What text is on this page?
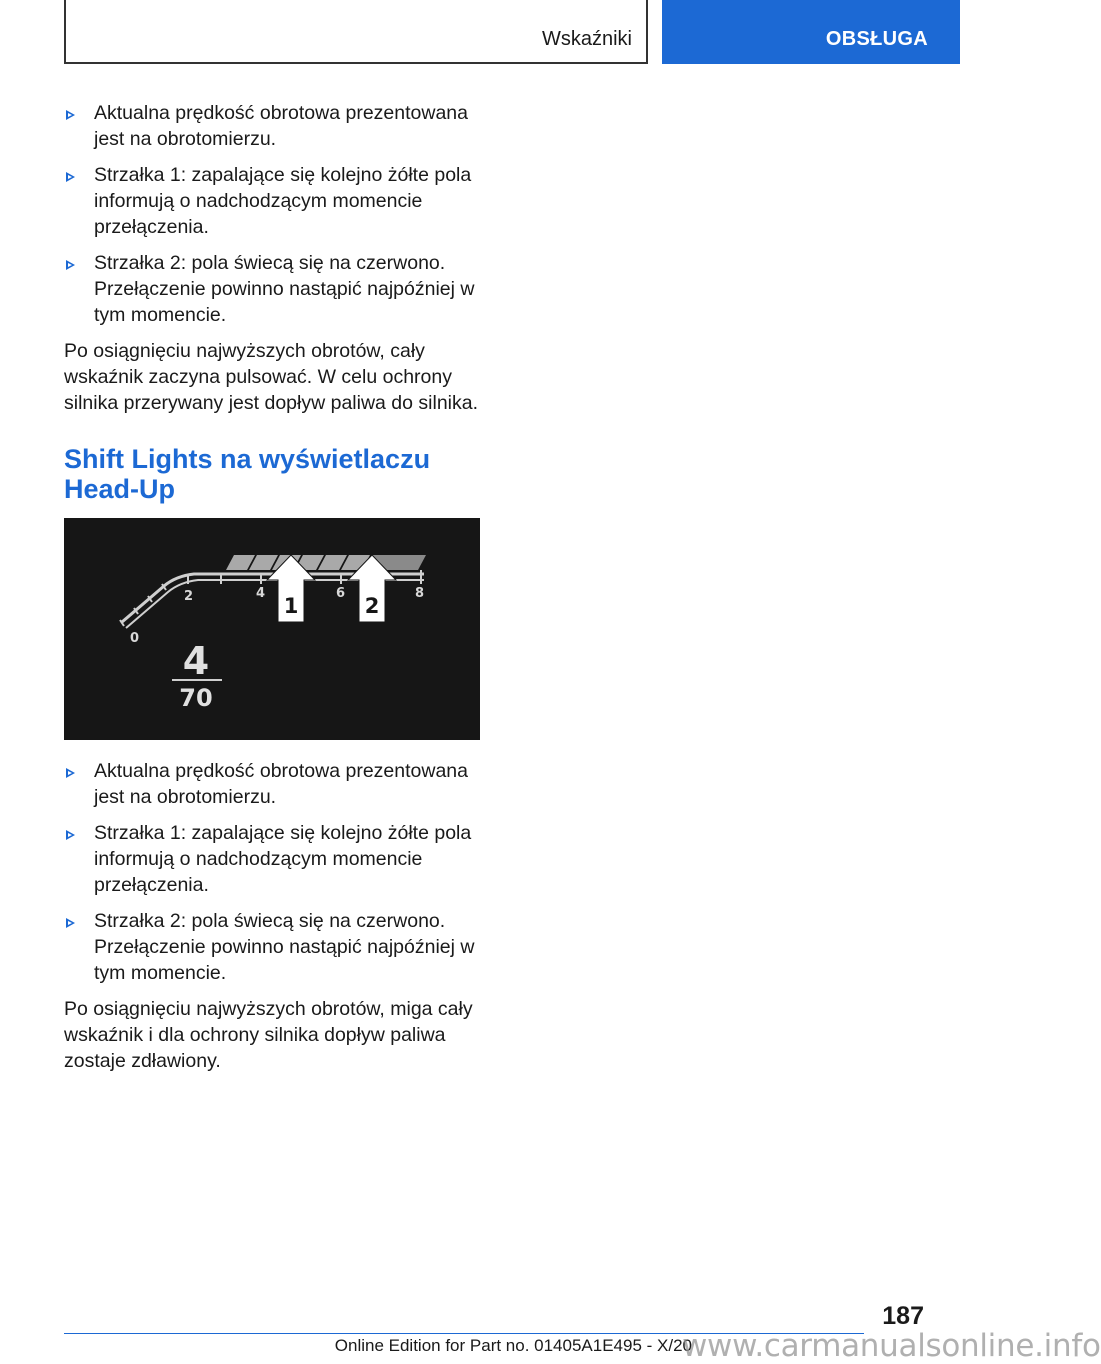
Wskaźniki	OBSŁUGA
Aktualna prędkość obrotowa prezentowana jest na obrotomierzu.
Strzałka 1: zapalające się kolejno żółte pola informują o nadchodzącym momencie przełączenia.
Strzałka 2: pola świecą się na czerwono. Przełączenie powinno nastąpić najpóźniej w tym momencie.

Po osiągnięciu najwyższych obrotów, cały wskaźnik zaczyna pulsować. W celu ochrony silnika przerywany jest dopływ paliwa do silnika.

Shift Lights na wyświetlaczu Head-Up
0
2	4	6	8
1	2
4
70
Aktualna prędkość obrotowa prezentowana jest na obrotomierzu.
Strzałka 1: zapalające się kolejno żółte pola informują o nadchodzącym momencie przełączenia.
Strzałka 2: pola świecą się na czerwono. Przełączenie powinno nastąpić najpóźniej w tym momencie.

Po osiągnięciu najwyższych obrotów, miga cały wskaźnik i dla ochrony silnika dopływ paliwa zostaje zdławiony.

187
Online Edition for Part no. 01405A1E495 - X/20
www.carmanualsonline.info
